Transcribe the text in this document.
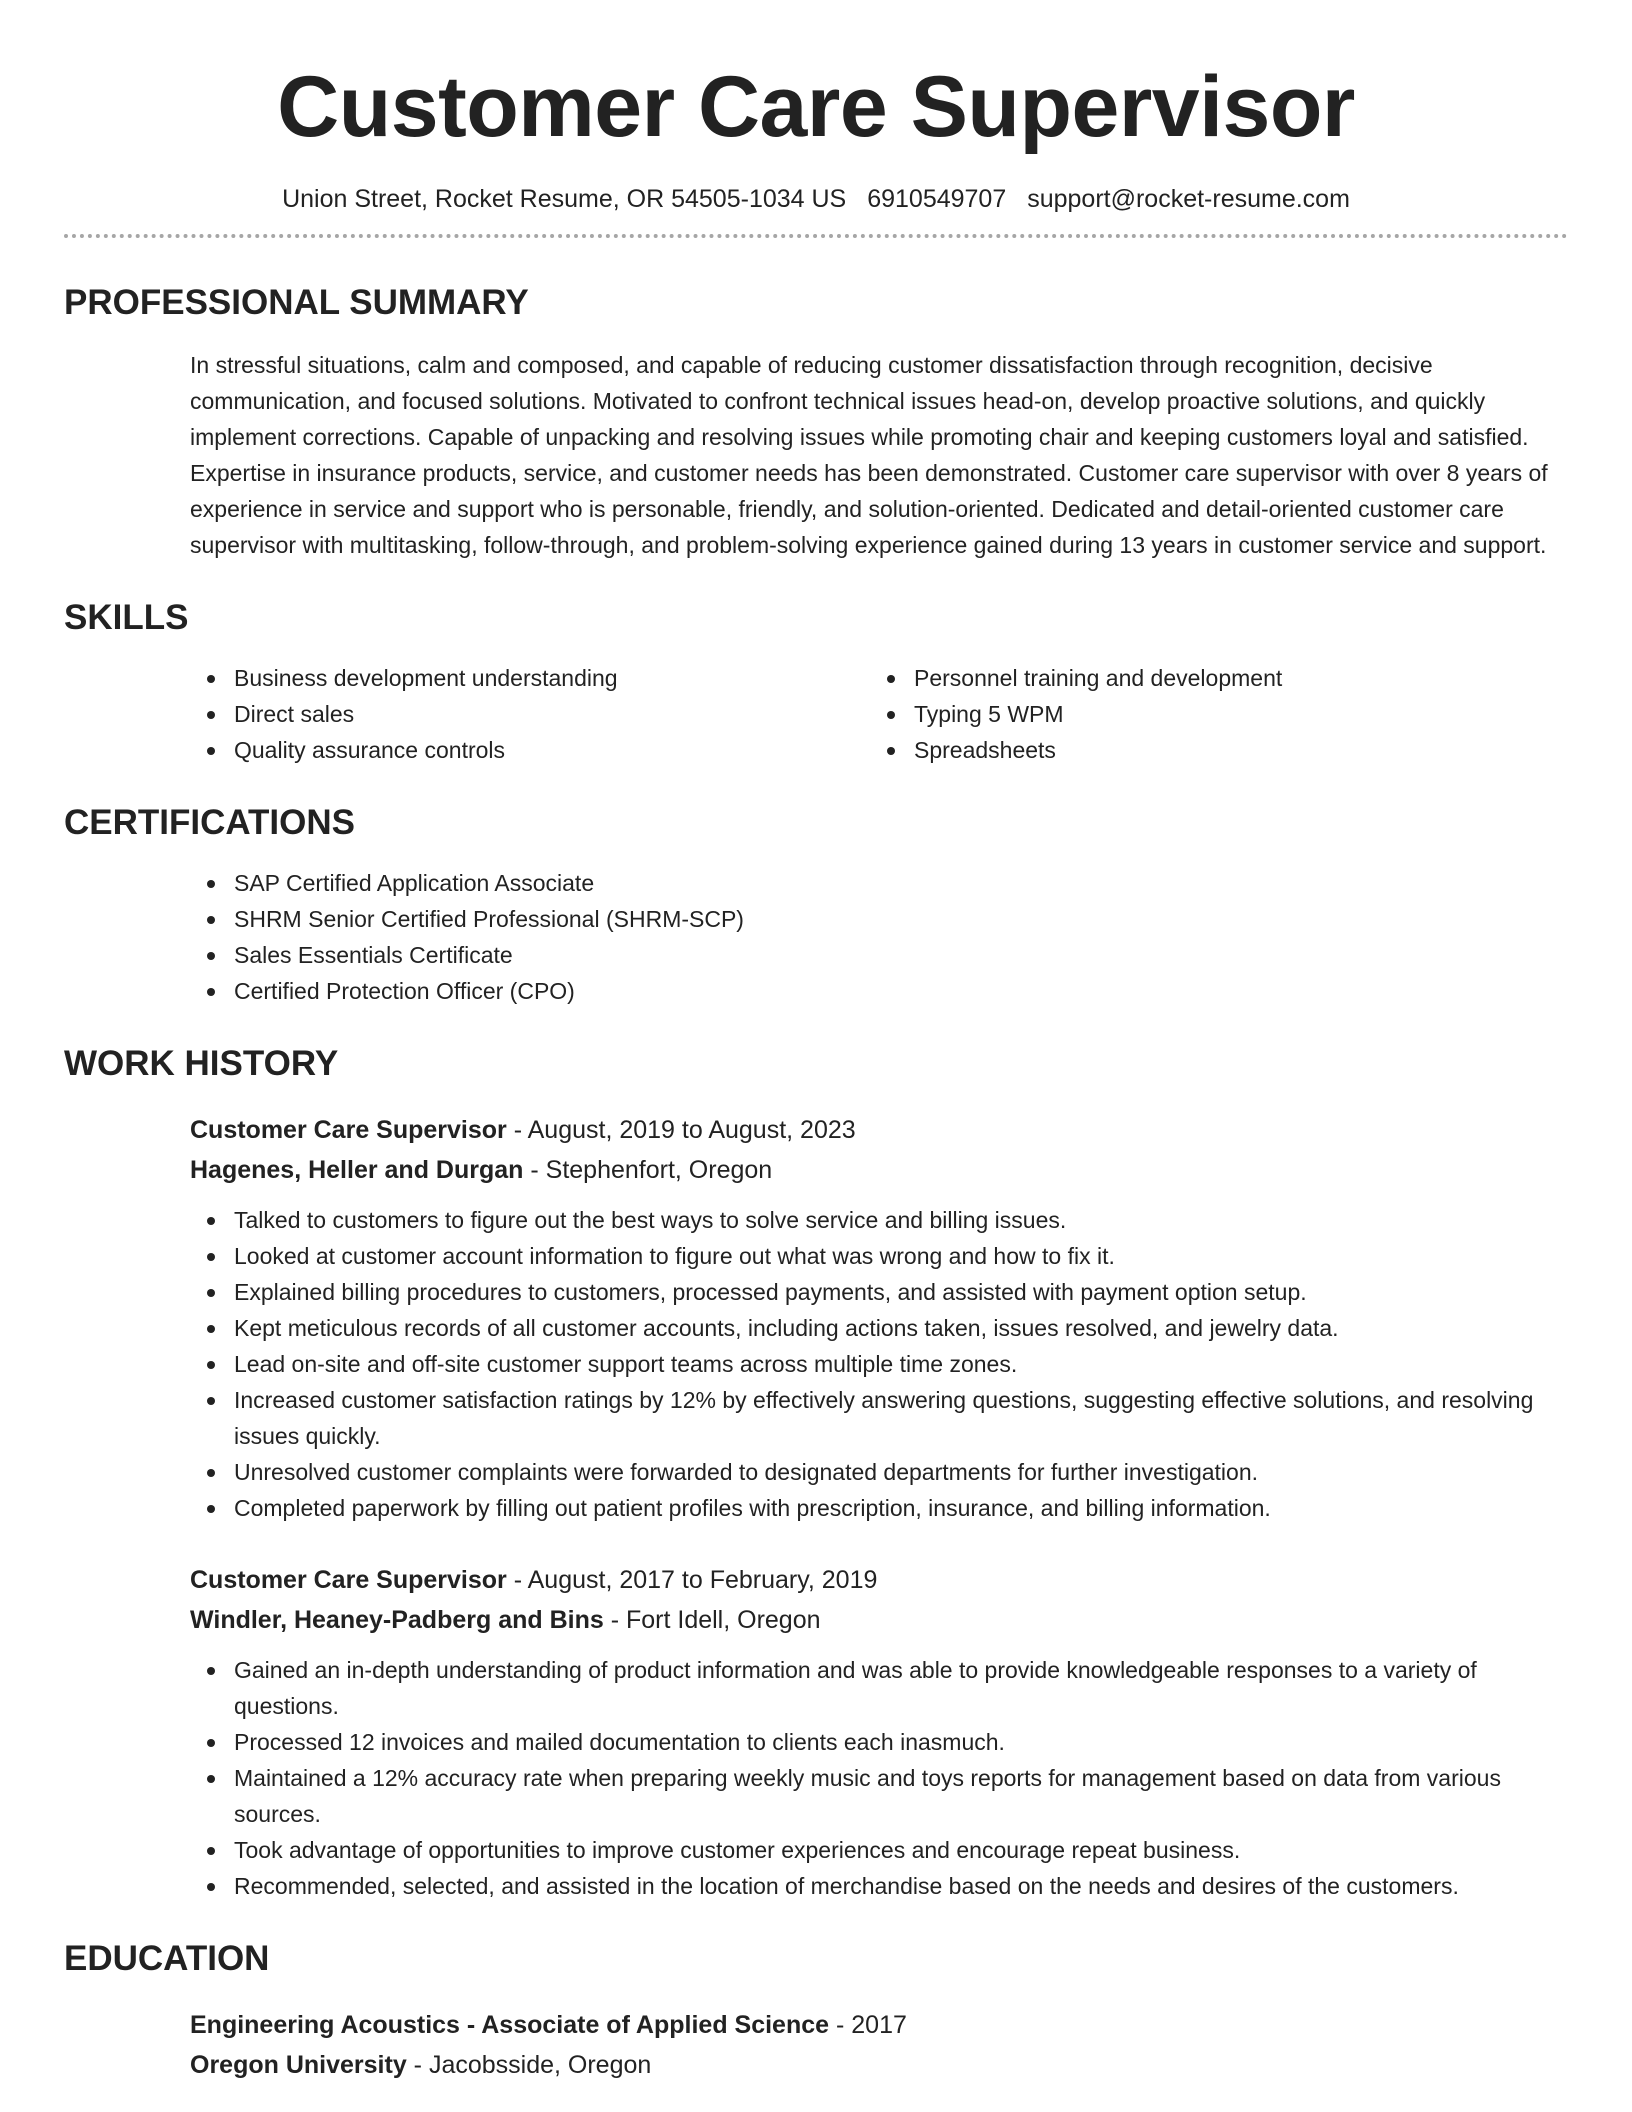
Customer Care Supervisor
Union Street, Rocket Resume, OR 54505-1034 US 6910549707 support@rocket-resume.com
PROFESSIONAL SUMMARY
In stressful situations, calm and composed, and capable of reducing customer dissatisfaction through recognition, decisive communication, and focused solutions. Motivated to confront technical issues head-on, develop proactive solutions, and quickly implement corrections. Capable of unpacking and resolving issues while promoting chair and keeping customers loyal and satisfied. Expertise in insurance products, service, and customer needs has been demonstrated. Customer care supervisor with over 8 years of experience in service and support who is personable, friendly, and solution-oriented. Dedicated and detail-oriented customer care supervisor with multitasking, follow-through, and problem-solving experience gained during 13 years in customer service and support.
SKILLS
Business development understanding
Direct sales
Quality assurance controls
Personnel training and development
Typing 5 WPM
Spreadsheets
CERTIFICATIONS
SAP Certified Application Associate
SHRM Senior Certified Professional (SHRM-SCP)
Sales Essentials Certificate
Certified Protection Officer (CPO)
WORK HISTORY
Customer Care Supervisor - August, 2019 to August, 2023
Hagenes, Heller and Durgan - Stephenfort, Oregon
Talked to customers to figure out the best ways to solve service and billing issues.
Looked at customer account information to figure out what was wrong and how to fix it.
Explained billing procedures to customers, processed payments, and assisted with payment option setup.
Kept meticulous records of all customer accounts, including actions taken, issues resolved, and jewelry data.
Lead on-site and off-site customer support teams across multiple time zones.
Increased customer satisfaction ratings by 12% by effectively answering questions, suggesting effective solutions, and resolving issues quickly.
Unresolved customer complaints were forwarded to designated departments for further investigation.
Completed paperwork by filling out patient profiles with prescription, insurance, and billing information.
Customer Care Supervisor - August, 2017 to February, 2019
Windler, Heaney-Padberg and Bins - Fort Idell, Oregon
Gained an in-depth understanding of product information and was able to provide knowledgeable responses to a variety of questions.
Processed 12 invoices and mailed documentation to clients each inasmuch.
Maintained a 12% accuracy rate when preparing weekly music and toys reports for management based on data from various sources.
Took advantage of opportunities to improve customer experiences and encourage repeat business.
Recommended, selected, and assisted in the location of merchandise based on the needs and desires of the customers.
EDUCATION
Engineering Acoustics - Associate of Applied Science - 2017
Oregon University - Jacobsside, Oregon
